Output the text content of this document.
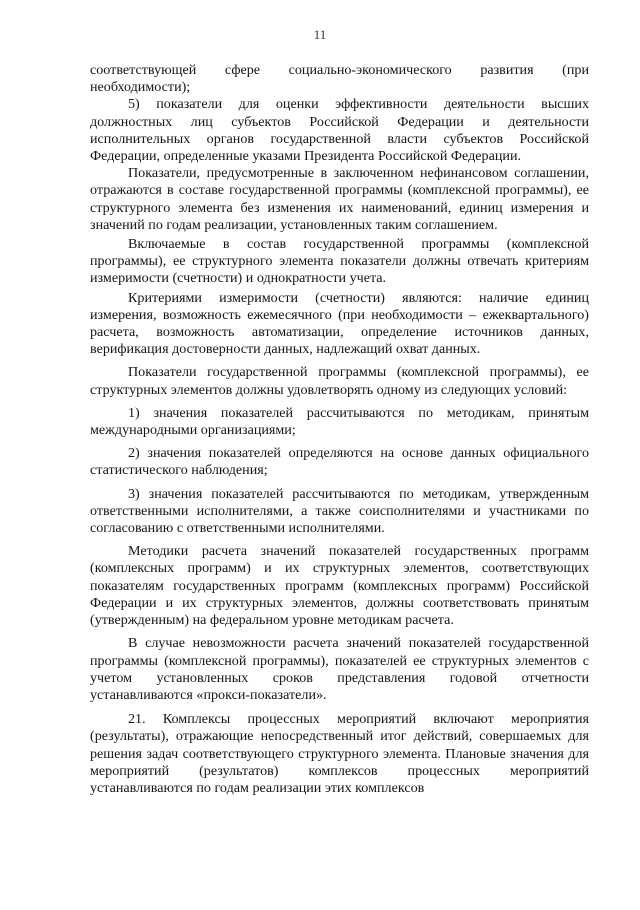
11

соответствующей сфере социально-экономического развития (при необходимости);

5) показатели для оценки эффективности деятельности высших должностных лиц субъектов Российской Федерации и деятельности исполнительных органов государственной власти субъектов Российской Федерации, определенные указами Президента Российской Федерации.

Показатели, предусмотренные в заключенном нефинансовом соглашении, отражаются в составе государственной программы (комплексной программы), ее структурного элемента без изменения их наименований, единиц измерения и значений по годам реализации, установленных таким соглашением.

Включаемые в состав государственной программы (комплексной программы), ее структурного элемента показатели должны отвечать критериям измеримости (счетности) и однократности учета.

Критериями измеримости (счетности) являются: наличие единиц измерения, возможность ежемесячного (при необходимости – ежеквартального) расчета, возможность автоматизации, определение источников данных, верификация достоверности данных, надлежащий охват данных.

Показатели государственной программы (комплексной программы), ее структурных элементов должны удовлетворять одному из следующих условий:

1) значения показателей рассчитываются по методикам, принятым международными организациями;

2) значения показателей определяются на основе данных официального статистического наблюдения;

3) значения показателей рассчитываются по методикам, утвержденным ответственными исполнителями, а также соисполнителями и участниками по согласованию с ответственными исполнителями.

Методики расчета значений показателей государственных программ (комплексных программ) и их структурных элементов, соответствующих показателям государственных программ (комплексных программ) Российской Федерации и их структурных элементов, должны соответствовать принятым (утвержденным) на федеральном уровне методикам расчета.

В случае невозможности расчета значений показателей государственной программы (комплексной программы), показателей ее структурных элементов с учетом установленных сроков представления годовой отчетности устанавливаются «прокси-показатели».

21. Комплексы процессных мероприятий включают мероприятия (результаты), отражающие непосредственный итог действий, совершаемых для решения задач соответствующего структурного элемента. Плановые значения для мероприятий (результатов) комплексов процессных мероприятий устанавливаются по годам реализации этих комплексов
